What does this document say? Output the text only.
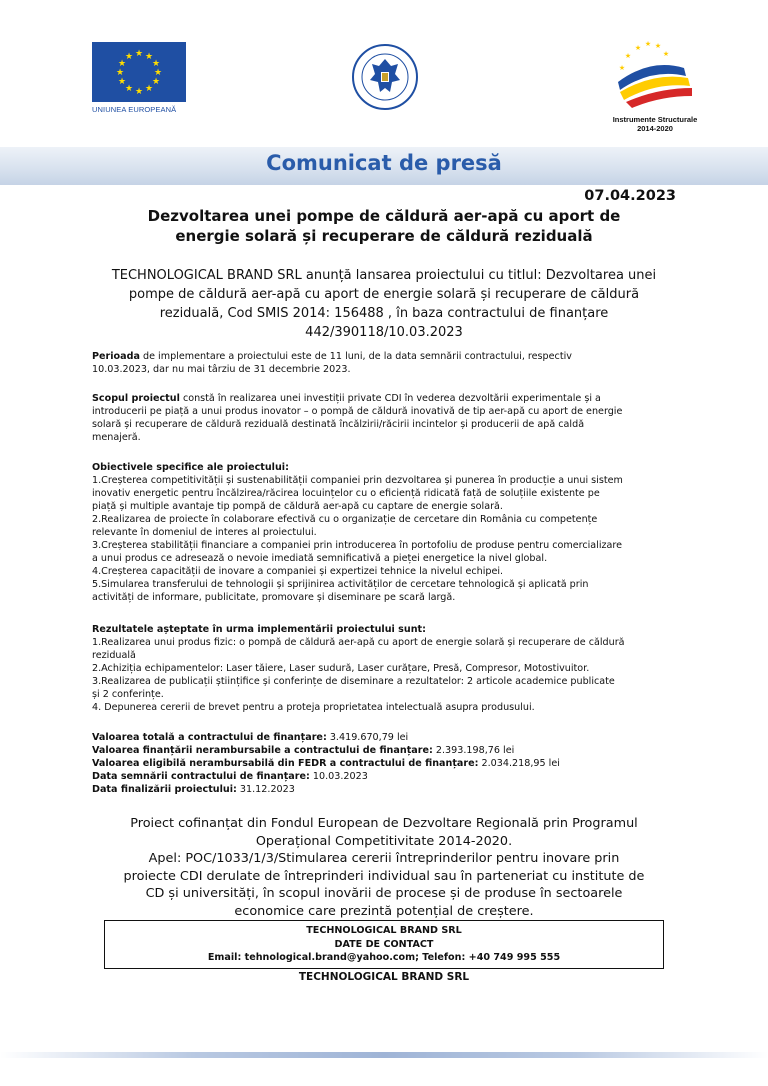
★ ★
★
★
★
★
★
★
★
★
★
★
UNIUNEA EUROPEANĂ
★ ★ ★
★
★
★
Instrumente Structurale
2014-2020
Comunicat de presă
07.04.2023
Dezvoltarea unei pompe de căldură aer-apă cu aport de
energie solară și recuperare de căldură reziduală
TECHNOLOGICAL BRAND SRL anunță lansarea proiectului cu titlul: Dezvoltarea unei
pompe de căldură aer-apă cu aport de energie solară și recuperare de căldură
reziduală, Cod SMIS 2014: 156488 , în baza contractului de finanțare
442/390118/10.03.2023
Perioada de implementare a proiectului este de 11 luni, de la data semnării contractului, respectiv
10.03.2023, dar nu mai târziu de 31 decembrie 2023.
Scopul proiectul constă în realizarea unei investiții private CDI în vederea dezvoltării experimentale și a
introducerii pe piață a unui produs inovator – o pompă de căldură inovativă de tip aer-apă cu aport de energie
solară și recuperare de căldură reziduală destinată încălzirii/răcirii incintelor și producerii de apă caldă
menajeră.
Obiectivele specifice ale proiectului:
1.Creșterea competitivității și sustenabilității companiei prin dezvoltarea și punerea în producție a unui sistem
inovativ energetic pentru încălzirea/răcirea locuințelor cu o eficiență ridicată față de soluțiile existente pe
piață și multiple avantaje tip pompă de căldură aer-apă cu captare de energie solară.
2.Realizarea de proiecte în colaborare efectivă cu o organizație de cercetare din România cu competențe
relevante în domeniul de interes al proiectului.
3.Creșterea stabilității financiare a companiei prin introducerea în portofoliu de produse pentru comercializare
a unui produs ce adresează o nevoie imediată semnificativă a pieței energetice la nivel global.
4.Creșterea capacității de inovare a companiei și expertizei tehnice la nivelul echipei.
5.Simularea transferului de tehnologii și sprijinirea activităților de cercetare tehnologică și aplicată prin
activități de informare, publicitate, promovare și diseminare pe scară largă.
Rezultatele așteptate în urma implementării proiectului sunt:
1.Realizarea unui produs fizic: o pompă de căldură aer-apă cu aport de energie solară și recuperare de căldură
reziduală
2.Achiziția echipamentelor: Laser tăiere, Laser sudură, Laser curățare, Presă, Compresor, Motostivuitor.
3.Realizarea de publicații științifice și conferințe de diseminare a rezultatelor: 2 articole academice publicate
și 2 conferințe.
4. Depunerea cererii de brevet pentru a proteja proprietatea intelectuală asupra produsului.
Valoarea totală a contractului de finanțare: 3.419.670,79 lei
Valoarea finanțării nerambursabile a contractului de finanțare: 2.393.198,76 lei
Valoarea eligibilă nerambursabilă din FEDR a contractului de finanțare: 2.034.218,95 lei
Data semnării contractului de finanțare: 10.03.2023
Data finalizării proiectului: 31.12.2023
Proiect cofinanțat din Fondul European de Dezvoltare Regională prin Programul
Operațional Competitivitate 2014-2020.
Apel: POC/1033/1/3/Stimularea cererii întreprinderilor pentru inovare prin
proiecte CDI derulate de întreprinderi individual sau în parteneriat cu institute de
CD și universități, în scopul inovării de procese și de produse în sectoarele
economice care prezintă potențial de creștere.
TECHNOLOGICAL BRAND SRL
DATE DE CONTACT
Email: tehnological.brand@yahoo.com; Telefon: +40 749 995 555
TECHNOLOGICAL BRAND SRL
